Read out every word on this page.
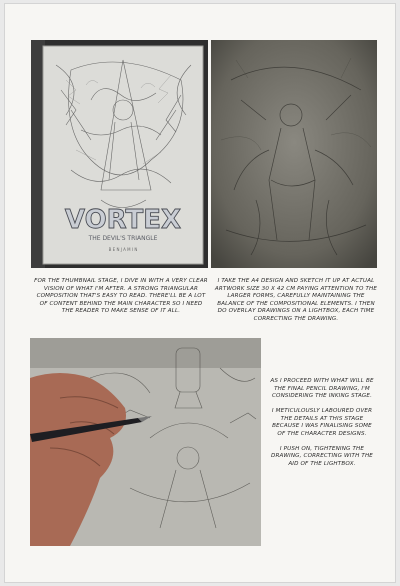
VORTEX
THE DEVIL'S TRIANGLE
B E N J A M I N

FOR THE THUMBNAIL STAGE, I DIVE IN WITH A VERY CLEAR VISION OF WHAT I'M AFTER. A STRONG TRIANGULAR COMPOSITION THAT'S EASY TO READ. THERE'LL BE A LOT OF CONTENT BEHIND THE MAIN CHARACTER SO I NEED THE READER TO MAKE SENSE OF IT ALL.

I TAKE THE A4 DESIGN AND SKETCH IT UP AT ACTUAL ARTWORK SIZE 30 X 42 CM PAYING ATTENTION TO THE LARGER FORMS, CAREFULLY MAINTAINING THE BALANCE OF THE COMPOSITIONAL ELEMENTS. I THEN DO OVERLAY DRAWINGS ON A LIGHTBOX, EACH TIME CORRECTING THE DRAWING.

AS I PROCEED WITH WHAT WILL BE THE FINAL PENCIL DRAWING, I'M CONSIDERING THE INKING STAGE.

I METICULOUSLY LABOURED OVER THE DETAILS AT THIS STAGE BECAUSE I WAS FINALISING SOME OF THE CHARACTER DESIGNS.

I PUSH ON, TIGHTENING THE DRAWING, CORRECTING WITH THE AID OF THE LIGHTBOX.
